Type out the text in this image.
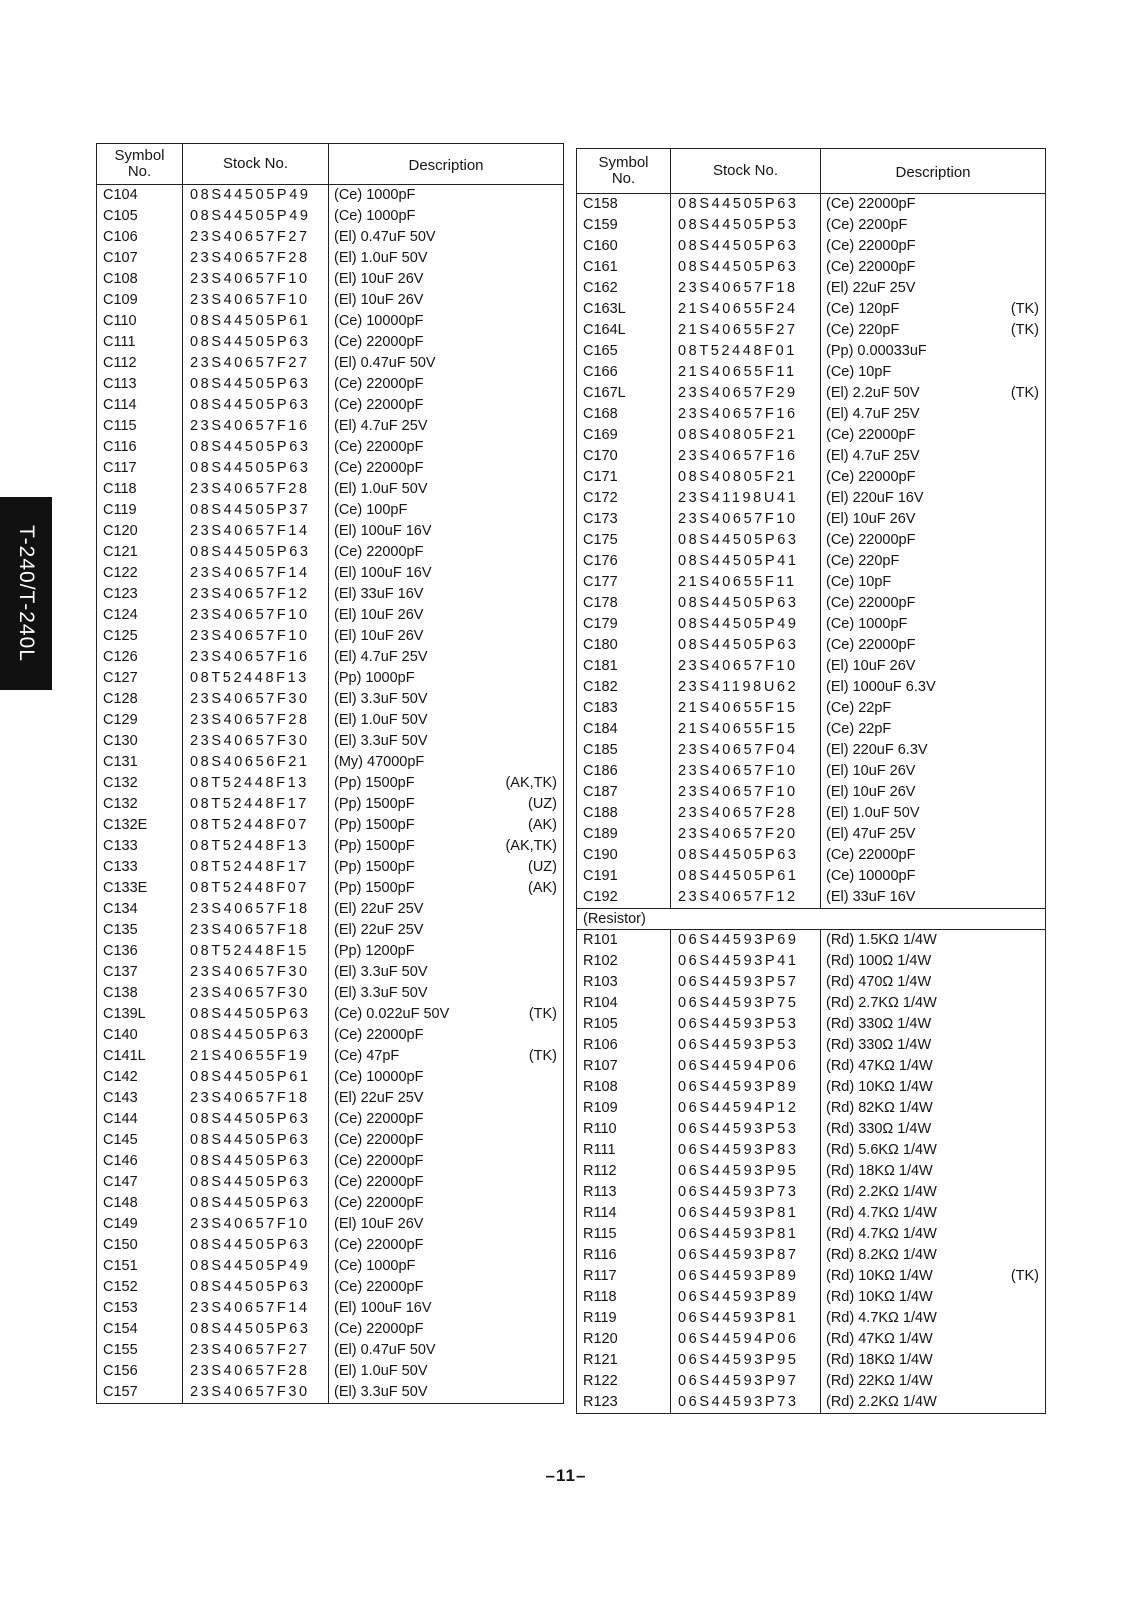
T-240/T-240L
Symbol
No.	Stock No.	Description
C104	08S44505P49	(Ce) 1000pF
C105	08S44505P49	(Ce) 1000pF
C106	23S40657F27	(El) 0.47uF 50V
C107	23S40657F28	(El) 1.0uF 50V
C108	23S40657F10	(El) 10uF 26V
C109	23S40657F10	(El) 10uF 26V
C110	08S44505P61	(Ce) 10000pF
C111	08S44505P63	(Ce) 22000pF
C112	23S40657F27	(El) 0.47uF 50V
C113	08S44505P63	(Ce) 22000pF
C114	08S44505P63	(Ce) 22000pF
C115	23S40657F16	(El) 4.7uF 25V
C116	08S44505P63	(Ce) 22000pF
C117	08S44505P63	(Ce) 22000pF
C118	23S40657F28	(El) 1.0uF 50V
C119	08S44505P37	(Ce) 100pF
C120	23S40657F14	(El) 100uF 16V
C121	08S44505P63	(Ce) 22000pF
C122	23S40657F14	(El) 100uF 16V
C123	23S40657F12	(El) 33uF 16V
C124	23S40657F10	(El) 10uF 26V
C125	23S40657F10	(El) 10uF 26V
C126	23S40657F16	(El) 4.7uF 25V
C127	08T52448F13	(Pp) 1000pF
C128	23S40657F30	(El) 3.3uF 50V
C129	23S40657F28	(El) 1.0uF 50V
C130	23S40657F30	(El) 3.3uF 50V
C131	08S40656F21	(My) 47000pF
C132	08T52448F13	(Pp) 1500pF	(AK,TK)
C132	08T52448F17	(Pp) 1500pF	(UZ)
C132E	08T52448F07	(Pp) 1500pF	(AK)
C133	08T52448F13	(Pp) 1500pF	(AK,TK)
C133	08T52448F17	(Pp) 1500pF	(UZ)
C133E	08T52448F07	(Pp) 1500pF	(AK)
C134	23S40657F18	(El) 22uF 25V
C135	23S40657F18	(El) 22uF 25V
C136	08T52448F15	(Pp) 1200pF
C137	23S40657F30	(El) 3.3uF 50V
C138	23S40657F30	(El) 3.3uF 50V
C139L	08S44505P63	(Ce) 0.022uF 50V	(TK)
C140	08S44505P63	(Ce) 22000pF
C141L	21S40655F19	(Ce) 47pF	(TK)
C142	08S44505P61	(Ce) 10000pF
C143	23S40657F18	(El) 22uF 25V
C144	08S44505P63	(Ce) 22000pF
C145	08S44505P63	(Ce) 22000pF
C146	08S44505P63	(Ce) 22000pF
C147	08S44505P63	(Ce) 22000pF
C148	08S44505P63	(Ce) 22000pF
C149	23S40657F10	(El) 10uF 26V
C150	08S44505P63	(Ce) 22000pF
C151	08S44505P49	(Ce) 1000pF
C152	08S44505P63	(Ce) 22000pF
C153	23S40657F14	(El) 100uF 16V
C154	08S44505P63	(Ce) 22000pF
C155	23S40657F27	(El) 0.47uF 50V
C156	23S40657F28	(El) 1.0uF 50V
C157	23S40657F30	(El) 3.3uF 50V
Symbol
No.	Stock No.	Description
C158	08S44505P63	(Ce) 22000pF
C159	08S44505P53	(Ce) 2200pF
C160	08S44505P63	(Ce) 22000pF
C161	08S44505P63	(Ce) 22000pF
C162	23S40657F18	(El) 22uF 25V
C163L	21S40655F24	(Ce) 120pF	(TK)
C164L	21S40655F27	(Ce) 220pF	(TK)
C165	08T52448F01	(Pp) 0.00033uF
C166	21S40655F11	(Ce) 10pF
C167L	23S40657F29	(El) 2.2uF 50V	(TK)
C168	23S40657F16	(El) 4.7uF 25V
C169	08S40805F21	(Ce) 22000pF
C170	23S40657F16	(El) 4.7uF 25V
C171	08S40805F21	(Ce) 22000pF
C172	23S41198U41	(El) 220uF 16V
C173	23S40657F10	(El) 10uF 26V
C175	08S44505P63	(Ce) 22000pF
C176	08S44505P41	(Ce) 220pF
C177	21S40655F11	(Ce) 10pF
C178	08S44505P63	(Ce) 22000pF
C179	08S44505P49	(Ce) 1000pF
C180	08S44505P63	(Ce) 22000pF
C181	23S40657F10	(El) 10uF 26V
C182	23S41198U62	(El) 1000uF 6.3V
C183	21S40655F15	(Ce) 22pF
C184	21S40655F15	(Ce) 22pF
C185	23S40657F04	(El) 220uF 6.3V
C186	23S40657F10	(El) 10uF 26V
C187	23S40657F10	(El) 10uF 26V
C188	23S40657F28	(El) 1.0uF 50V
C189	23S40657F20	(El) 47uF 25V
C190	08S44505P63	(Ce) 22000pF
C191	08S44505P61	(Ce) 10000pF
C192	23S40657F12	(El) 33uF 16V
(Resistor)
R101	06S44593P69	(Rd) 1.5KΩ 1/4W
R102	06S44593P41	(Rd) 100Ω 1/4W
R103	06S44593P57	(Rd) 470Ω 1/4W
R104	06S44593P75	(Rd) 2.7KΩ 1/4W
R105	06S44593P53	(Rd) 330Ω 1/4W
R106	06S44593P53	(Rd) 330Ω 1/4W
R107	06S44594P06	(Rd) 47KΩ 1/4W
R108	06S44593P89	(Rd) 10KΩ 1/4W
R109	06S44594P12	(Rd) 82KΩ 1/4W
R110	06S44593P53	(Rd) 330Ω 1/4W
R111	06S44593P83	(Rd) 5.6KΩ 1/4W
R112	06S44593P95	(Rd) 18KΩ 1/4W
R113	06S44593P73	(Rd) 2.2KΩ 1/4W
R114	06S44593P81	(Rd) 4.7KΩ 1/4W
R115	06S44593P81	(Rd) 4.7KΩ 1/4W
R116	06S44593P87	(Rd) 8.2KΩ 1/4W
R117	06S44593P89	(Rd) 10KΩ 1/4W	(TK)
R118	06S44593P89	(Rd) 10KΩ 1/4W
R119	06S44593P81	(Rd) 4.7KΩ 1/4W
R120	06S44594P06	(Rd) 47KΩ 1/4W
R121	06S44593P95	(Rd) 18KΩ 1/4W
R122	06S44593P97	(Rd) 22KΩ 1/4W
R123	06S44593P73	(Rd) 2.2KΩ 1/4W
–11–
